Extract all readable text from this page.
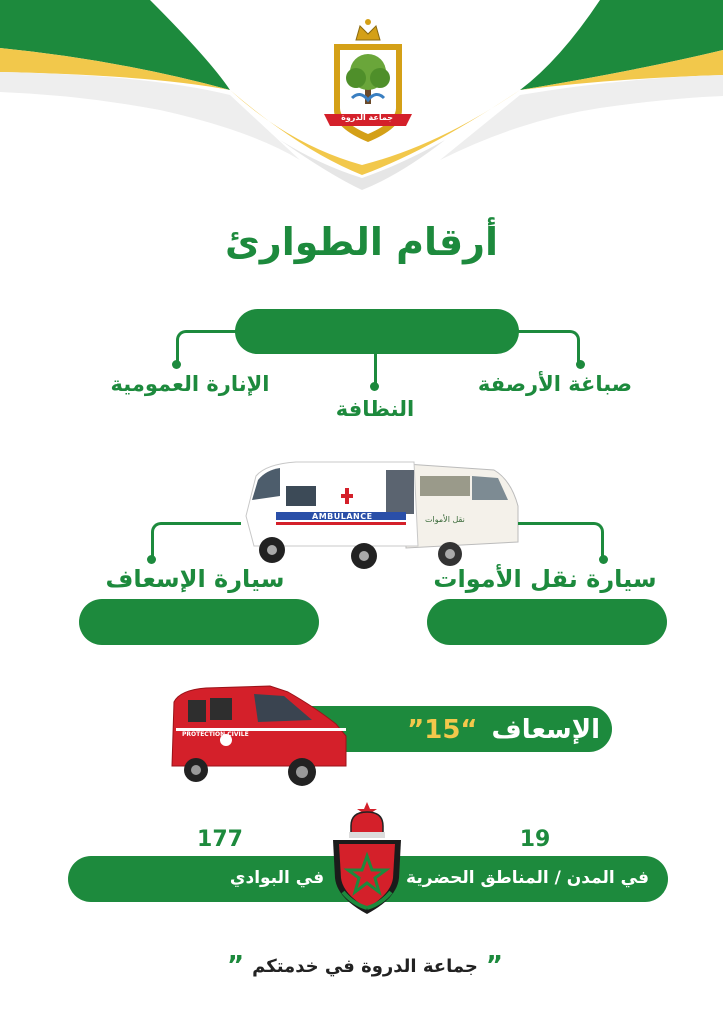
جماعة الدروة
أرقام الطوارئ
صباغة الأرصفة
النظافة
الإنارة العمومية
AMBULANCE	نقل الأموات
سيارة نقل الأموات
سيارة الإسعاف
الإسعاف
“15”
PROTECTION CIVILE
19
177
في المدن / المناطق الحضرية
في البوادي
”
جماعة الدروة في خدمتكم
”
